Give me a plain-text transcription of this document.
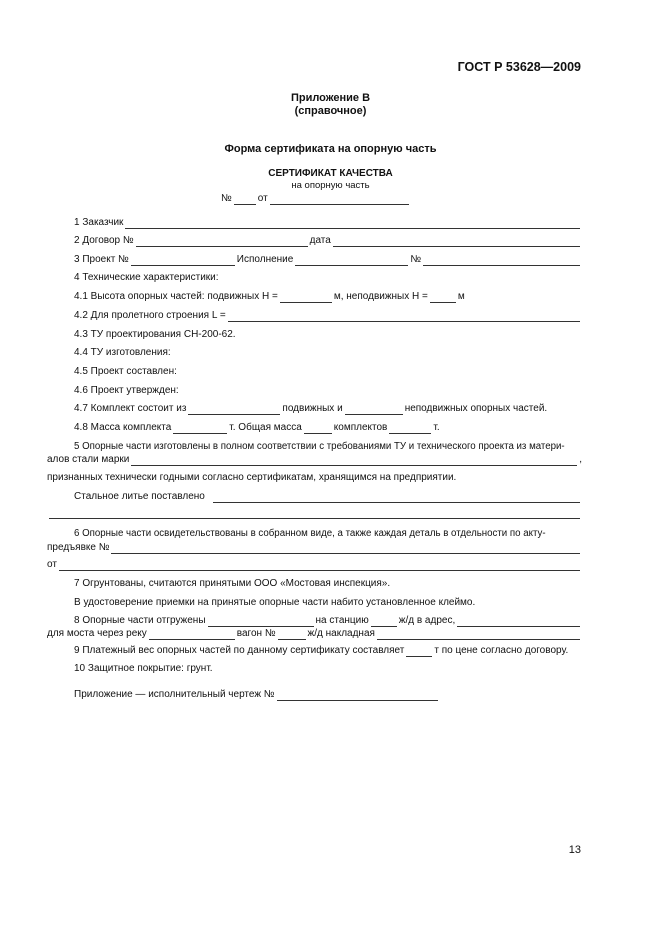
ГОСТ Р 53628—2009
Приложение В
(справочное)
Форма сертификата на опорную часть
СЕРТИФИКАТ КАЧЕСТВА
на опорную часть
№	от
1 Заказчик
2 Договор №	дата
3 Проект №	Исполнение	№
4 Технические характеристики:
4.1 Высота опорных частей: подвижных Н =	м, неподвижных Н =	м
4.2 Для пролетного строения L =
4.3 ТУ проектирования СН-200-62.
4.4 ТУ изготовления:
4.5 Проект составлен:
4.6 Проект утвержден:
4.7 Комплект состоит из	подвижных и	неподвижных опорных частей.
4.8 Масса комплекта	т. Общая масса	комплектов	т.
5 Опорные части изготовлены в полном соответствии с требованиями ТУ и технического проекта из матери-
алов стали марки	,
признанных технически годными согласно сертификатам, хранящимся на предприятии.
Стальное литье поставлено
6 Опорные части освидетельствованы в собранном виде, а также каждая деталь в отдельности по акту-
предъявке №
от
7 Огрунтованы, считаются принятыми ООО «Мостовая инспекция».
В удостоверение приемки на принятые опорные части набито установленное клеймо.
8 Опорные части отгружены	на станцию	ж/д в адрес,
для моста через реку	вагон №	ж/д накладная
9 Платежный вес опорных частей по данному сертификату составляет	т по цене согласно договору.
10 Защитное покрытие: грунт.
Приложение — исполнительный чертеж №
13
